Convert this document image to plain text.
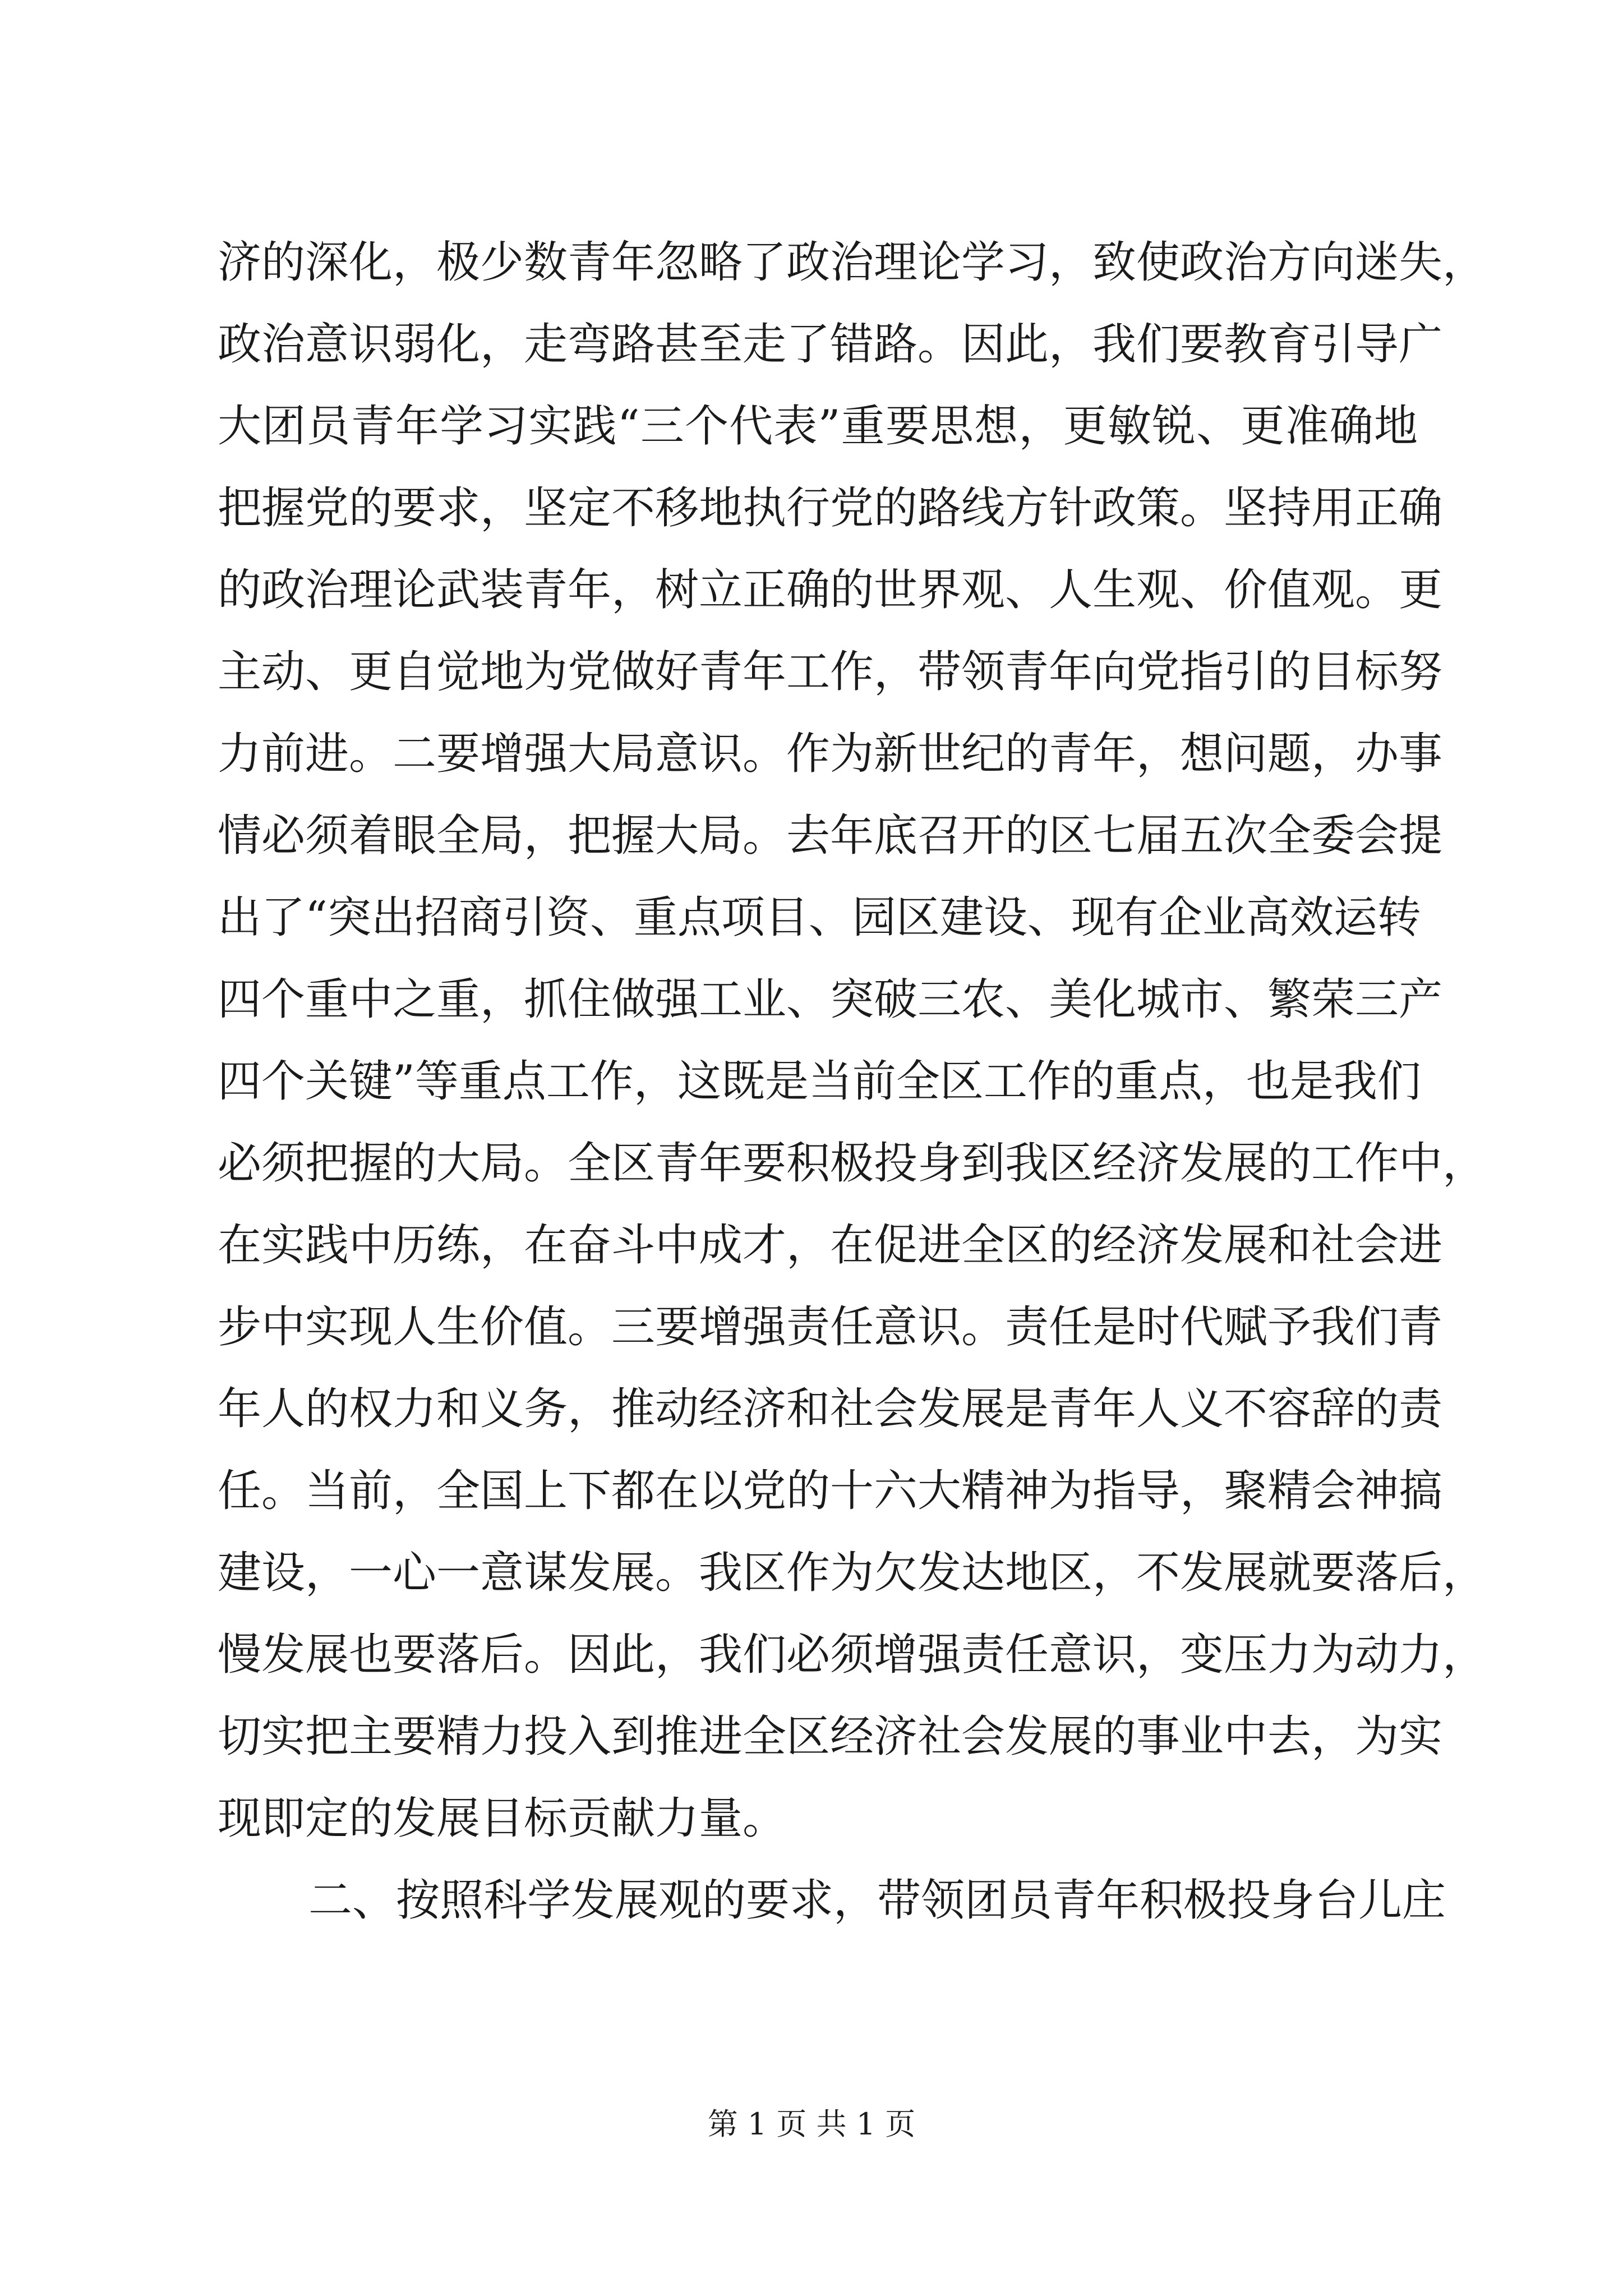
济的深化，极少数青年忽略了政治理论学习，致使政治方向迷失，
政治意识弱化，走弯路甚至走了错路。因此，我们要教育引导广
大团员青年学习实践“三个代表”重要思想，更敏锐、更准确地
把握党的要求，坚定不移地执行党的路线方针政策。坚持用正确
的政治理论武装青年，树立正确的世界观、人生观、价值观。更
主动、更自觉地为党做好青年工作，带领青年向党指引的目标努
力前进。二要增强大局意识。作为新世纪的青年，想问题，办事
情必须着眼全局，把握大局。去年底召开的区七届五次全委会提
出了“突出招商引资、重点项目、园区建设、现有企业高效运转
四个重中之重，抓住做强工业、突破三农、美化城市、繁荣三产
四个关键”等重点工作，这既是当前全区工作的重点，也是我们
必须把握的大局。全区青年要积极投身到我区经济发展的工作中，
在实践中历练，在奋斗中成才，在促进全区的经济发展和社会进
步中实现人生价值。三要增强责任意识。责任是时代赋予我们青
年人的权力和义务，推动经济和社会发展是青年人义不容辞的责
任。当前，全国上下都在以党的十六大精神为指导，聚精会神搞
建设，一心一意谋发展。我区作为欠发达地区，不发展就要落后，
慢发展也要落后。因此，我们必须增强责任意识，变压力为动力，
切实把主要精力投入到推进全区经济社会发展的事业中去，为实
现即定的发展目标贡献力量。
二、按照科学发展观的要求，带领团员青年积极投身台儿庄
第 1 页 共 1 页
